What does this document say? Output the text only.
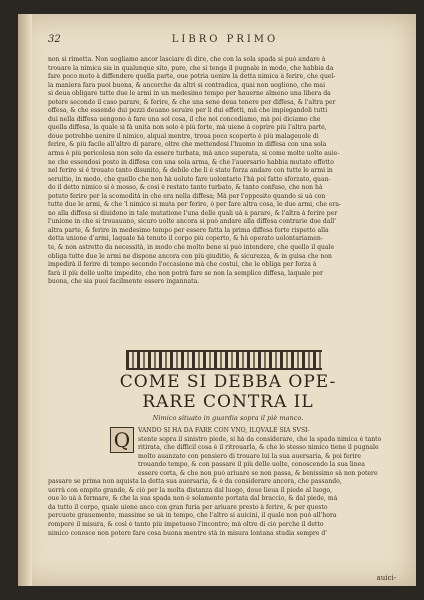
32	LIBRO PRIMO
non si rimetta. Non uogliamo ancor lasciare di dire, che con la sola spada si può andare à
trouare la nimica sia in qualunque sito, pure, che si tenga il pugnale in modo, che habbia da
fare poco moto à diffendere quella parte, oue potria uenire la detta nimica à ferire, che quel-
la maniera fara puoi buona, & ancorche da altri si contradica, quai non uogliono, che mai
si deua obligare tutte due le armi in un medesimo tempo per hauerne almeno una libera da
potere secondo il caso parare, & ferire, & che una sene deua tenere per diffesa, & l'altra per
offesa, & che essendo dui pezzi deuano seruire per li dui effetti, mà che impiegandoli tutti
dui nella diffesa uengono à fare una sol cosa, il che noi concediamo, mà poi diciamo che
quella diffesa, la quale si fà unita non solo è più forte, mà uiene à coprire più l'altra parte,
doue potrebbe uenire il nimico, alqual mentre, troua poco scoperto è più malageuole di
ferire, & più facile all'altro di parare, oltre che mettendosi l'huomo in diffesa con una sola
arma è più pericolosa non solo da essere turbata, mà anco superata, si come molte uolte auie-
ne che essendosi posto in diffesa con una sola arma, & che l'auersario habbia mutato effetto
nel ferire si è trouato tanto disunito, & debile che li è stato forza andare con tutte le armi in
seruitio, in modo, che quello che non hà uoluto fare uolontario l'hà poi fatto sforzato, quan-
do il detto nimico si è mosso, & così è restato tanto turbato, & tanto confuso, che non hà
potuto ferire per la scomodità in che era nella diffesa; Mà per l'opposito quando si uà con
tutte due le armi, & che 'l nimico si muta per ferire, ò per fare altra cosa, le due armi, che era-
no alla diffesa si diuidono in tale mutatione l'una delle quali uà à parare, & l'altra à ferire per
l'unione in che si trouauano, sicuro uolte ancora si può andare alla diffesa contrarie due dall'
altra parte, & ferire in medesimo tempo per essere fatta la prima diffesa forte rispetto alla
detta unione d'armi, laquale hà tenuto il corpo più coperto, & hà operato uolontariamen-
te, & non astretto da necessità, in modo che molto bene si può intendere, che quello il quale
obliga tutte due le armi ne dispone ancora con più giuditio, & sicurezza, & in guisa che non
impedirà il ferire di tempo secondo l'occasione mà che costui, che le obliga per forza à
farà il più delle uolte impedito, che non potrà fare se non la semplice diffesa, laquale per
buona, che sia puoi facilmente essere ingannata.
COME SI DEBBA OPE-
RARE CONTRA IL
Nimico situato in guardia sopra il piè manco.
VANDO SI HA DA FARE CON VNO, ILQVALE SIA SVSI-
stente sopra il sinistro piede, si hà da considerare, che la spada nimica è tanto
ritirata, che difficil cosa è il ritrouarla, & che lo stesso nimico tiene il pugnale
molto auanzato con pensiero di trouare lui la sua auersaria, & poi ferire
trouando tempo, & con passare il più delle uolte, conoscendo la sua linea
essere corta, & che non può ariuare se non passa, & benissimo sà non potere
passare se prima non aquista la detta sua auersaria, & è da considerare ancora, che passando,
uerrà con empito grande, & ciò per la molta distanza dal luogo, doue lieua il piede al luogo,
oue lo uà à fermare, & che la sua spada non è solamente portata dal braccio, & dal piede, mà
da tutto il corpo, quale uiene anco con gran furia per ariuare presto à ferire, & per questo
percuote grauemente, massime se uà in tempo, che l'altro si auicini, il quale non può all'hora
rompere il misura, & così è tanto più impetuoso l'incontro; mà oltre di ciò perche il detto
nimico conosce non potere fare cosa buona mentre stà in misura lontana studia sempre d'
Q
auici-
